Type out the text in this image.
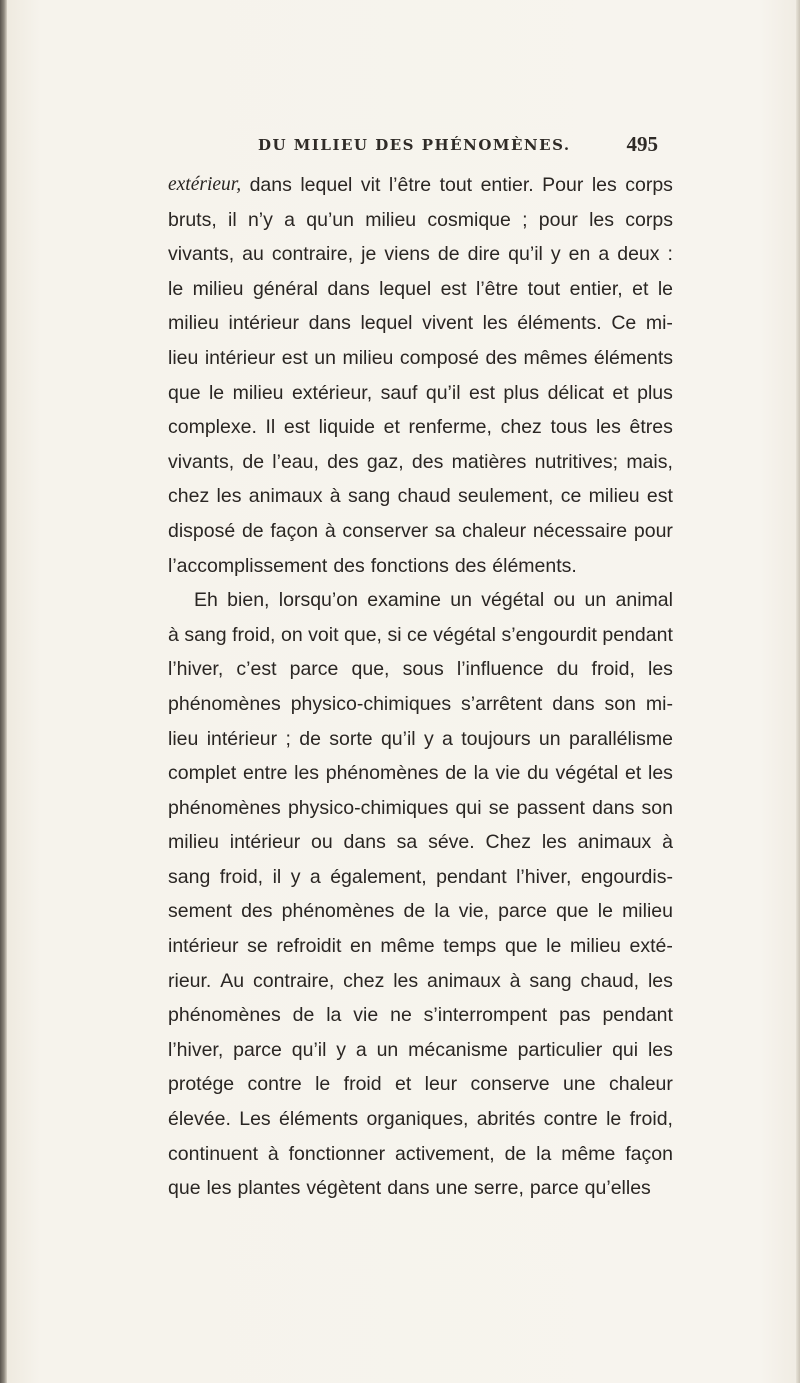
DU MILIEU DES PHÉNOMÈNES.	495
extérieur, dans lequel vit l’être tout entier. Pour les corps
bruts, il n’y a qu’un milieu cosmique ; pour les corps
vivants, au contraire, je viens de dire qu’il y en a deux :
le milieu général dans lequel est l’être tout entier, et le
milieu intérieur dans lequel vivent les éléments. Ce mi-
lieu intérieur est un milieu composé des mêmes éléments
que le milieu extérieur, sauf qu’il est plus délicat et plus
complexe. Il est liquide et renferme, chez tous les êtres
vivants, de l’eau, des gaz, des matières nutritives; mais,
chez les animaux à sang chaud seulement, ce milieu est
disposé de façon à conserver sa chaleur nécessaire pour
l’accomplissement des fonctions des éléments.
Eh bien, lorsqu’on examine un végétal ou un animal
à sang froid, on voit que, si ce végétal s’engourdit pendant
l’hiver, c’est parce que, sous l’influence du froid, les
phénomènes physico-chimiques s’arrêtent dans son mi-
lieu intérieur ; de sorte qu’il y a toujours un parallélisme
complet entre les phénomènes de la vie du végétal et les
phénomènes physico-chimiques qui se passent dans son
milieu intérieur ou dans sa séve. Chez les animaux à
sang froid, il y a également, pendant l’hiver, engourdis-
sement des phénomènes de la vie, parce que le milieu
intérieur se refroidit en même temps que le milieu exté-
rieur. Au contraire, chez les animaux à sang chaud, les
phénomènes de la vie ne s’interrompent pas pendant
l’hiver, parce qu’il y a un mécanisme particulier qui les
protége contre le froid et leur conserve une chaleur
élevée. Les éléments organiques, abrités contre le froid,
continuent à fonctionner activement, de la même façon
que les plantes végètent dans une serre, parce qu’elles
